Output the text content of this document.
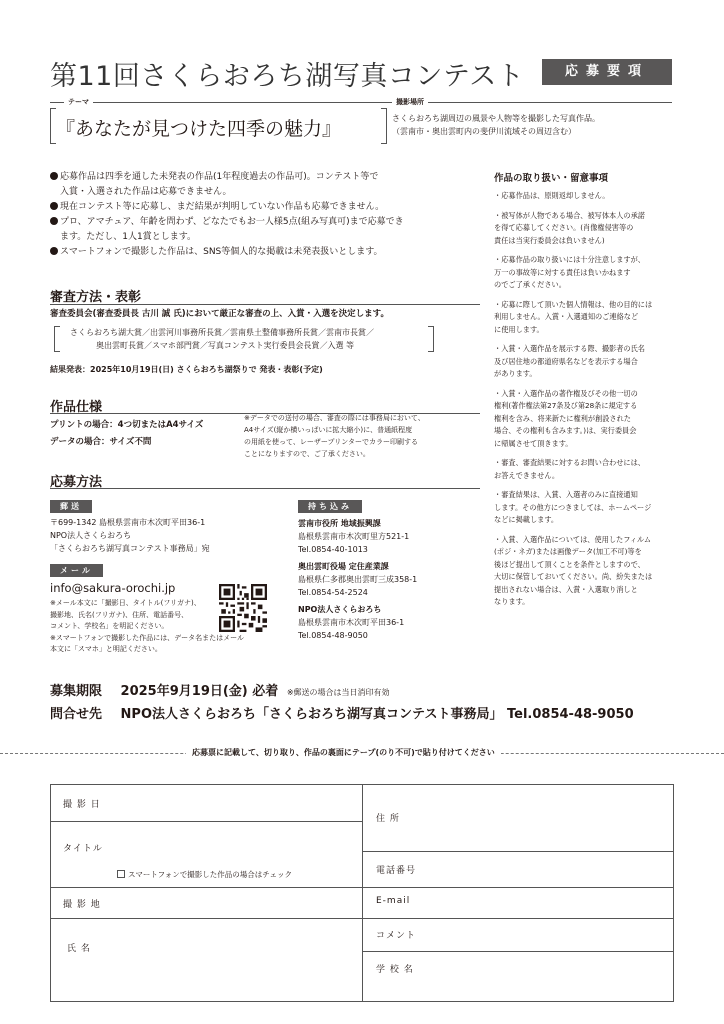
第11回さくらおろち湖写真コンテスト	応募要項
テーマ	撮影場所
『あなたが見つけた四季の魅力』	さくらおろち湖周辺の風景や人物等を撮影した写真作品。
（雲南市・奥出雲町内の斐伊川流域その周辺含む）
応募作品は四季を通した未発表の作品(1年程度過去の作品可)。コンテスト等で
入賞・入選された作品は応募できません。
現在コンテスト等に応募し、まだ結果が判明していない作品も応募できません。
プロ、アマチュア、年齢を問わず、どなたでもお一人様5点(組み写真可)まで応募でき
ます。ただし、1人1賞とします。
スマートフォンで撮影した作品は、SNS等個人的な掲載は未発表扱いとします。
審査方法・表彰
審査委員会(審査委員長 古川 誠 氏)において厳正な審査の上、入賞・入選を決定します。
さくらおろち湖大賞／出雲河川事務所長賞／雲南県土整備事務所長賞／雲南市長賞／
奥出雲町長賞／スマホ部門賞／写真コンテスト実行委員会長賞／入選 等
結果発表：2025年10月19日(日) さくらおろち湖祭りで 発表・表彰(予定)
作品仕様
プリントの場合：4つ切またはA4サイズ
データの場合：サイズ不問
※データでの送付の場合、審査の際には事務局において、
A4サイズ(縦か横いっぱいに拡大縮小)に、普通紙程度
の用紙を使って、レーザープリンターでカラー印刷する
ことになりますので、ご了承ください。
応募方法
郵送
〒699-1342 島根県雲南市木次町平田36-1
NPO法人さくらおろち
「さくらおろち湖写真コンテスト事務局」宛
メール
info@sakura-orochi.jp
※メール本文に「撮影日、タイトル(フリガナ)、
撮影地、氏名(フリガナ)、住所、電話番号、
コメント、学校名」を明記ください。
※スマートフォンで撮影した作品には、データ名またはメール
本文に「スマホ」と明記ください。
持ち込み
雲南市役所 地域振興課
島根県雲南市木次町里方521-1
Tel.0854-40-1013
奥出雲町役場 定住産業課
島根県仁多郡奥出雲町三成358-1
Tel.0854-54-2524
NPO法人さくらおろち
島根県雲南市木次町平田36-1
Tel.0854-48-9050
募集期限 2025年9月19日(金) 必着 ※郵送の場合は当日消印有効
問合せ先 NPO法人さくらおろち「さくらおろち湖写真コンテスト事務局」 Tel.0854-48-9050
作品の取り扱い・留意事項
・応募作品は、原則返却しません。
・被写体が人物である場合、被写体本人の承諾
を得て応募してください。(肖像権侵害等の
責任は当実行委員会は負いません)
・応募作品の取り扱いには十分注意しますが、
万一の事故等に対する責任は負いかねます
のでご了承ください。
・応募に際して頂いた個人情報は、他の目的には
利用しません。入賞・入選通知のご連絡など
に使用します。
・入賞・入選作品を展示する際、撮影者の氏名
及び居住地の都道府県名などを表示する場合
があります。
・入賞・入選作品の著作権及びその他一切の
権利(著作権法第27条及び第28条に規定する
権利を含み、将来新たに権利が創設された
場合、その権利も含みます。)は、実行委員会
に帰属させて頂きます。
・審査、審査結果に対するお問い合わせには、
お答えできません。
・審査結果は、入賞、入選者のみに直接通知
します。その他方につきましては、ホームページ
などに掲載します。
・入賞、入選作品については、使用したフィルム
(ポジ・ネガ)または画像データ(加工不可)等を
後ほど提出して頂くことを条件としますので、
大切に保管しておいてください。尚、紛失または
提出されない場合は、入賞・入選取り消しと
なります。
応募票に記載して、切り取り、作品の裏面にテープ(のり不可)で貼り付けてください
撮 影 日
タイトル
スマートフォンで撮影した作品の場合はチェック
撮 影 地
氏 名
住 所
電話番号
E-mail
コメント
学 校 名
